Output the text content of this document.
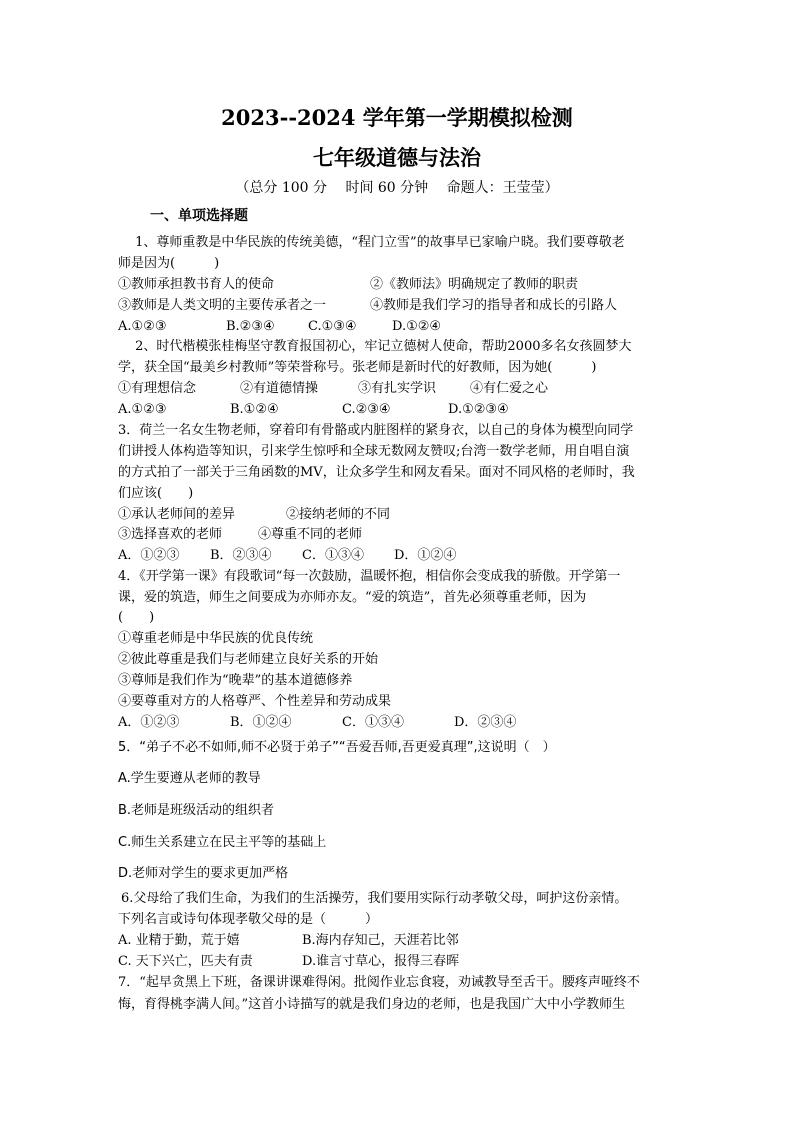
2023--2024 学年第一学期模拟检测
七年级道德与法治
（总分 100 分　 时间 60 分钟　 命题人：王莹莹）
一、单项选择题
　 1、尊师重教是中华民族的传统美德，“程门立雪”的故事早已家喻户晓。我们要尊敬老
师是因为(　　　)
①教师承担教书育人的使命	②《教师法》明确规定了教师的职责
③教师是人类文明的主要传承者之一	④教师是我们学习的指导者和成长的引路人
A.①②③	B.②③④	C.①③④	D.①②④
　 2、时代楷模张桂梅坚守教育报国初心，牢记立德树人使命，帮助2000多名女孩圆梦大
学，获全国“最美乡村教师”等荣誉称号。张老师是新时代的好教师，因为她(　　　)
①有理想信念	②有道德情操	③有扎实学识	④有仁爱之心
A.①②③	B.①②④	C.②③④	D.①②③④
3．荷兰一名女生物老师，穿着印有骨骼或内脏图样的紧身衣，以自己的身体为模型向同学
们讲授人体构造等知识，引来学生惊呼和全球无数网友赞叹;台湾一数学老师，用自唱自演
的方式拍了一部关于三角函数的MV，让众多学生和网友看呆。面对不同风格的老师时，我
们应该(　　)
①承认老师间的差异	②接纳老师的不同
③选择喜欢的老师	④尊重不同的老师
A．①②③ B．②③④ C．①③④ D．①②④
4．《开学第一课》有段歌词“每一次鼓励，温暖怀抱，相信你会变成我的骄傲。开学第一
课，爱的筑造，师生之间要成为亦师亦友。“爱的筑造”，首先必须尊重老师，因为
(　　)
①尊重老师是中华民族的优良传统
②彼此尊重是我们与老师建立良好关系的开始
③尊师是我们作为“晚辈”的基本道德修养
④要尊重对方的人格尊严、个性差异和劳动成果
A．①②③	B．①②④	C．①③④	D．②③④
5．“弟子不必不如师,师不必贤于弟子”“吾爱吾师,吾更爱真理”,这说明（　）
A.学生要遵从老师的教导
B.老师是班级活动的组织者
C.师生关系建立在民主平等的基础上
D.老师对学生的要求更加严格
6.父母给了我们生命，为我们的生活操劳，我们要用实际行动孝敬父母，呵护这份亲情。
下列名言或诗句体现孝敬父母的是（　　　）
A. 业精于勤，荒于嬉	B.海内存知己，天涯若比邻
C. 天下兴亡，匹夫有责	D.谁言寸草心，报得三春晖
7．“起早贪黑上下班，备课讲课难得闲。批阅作业忘食寝，劝诫教导至舌干。腰疼声哑终不
悔，育得桃李满人间。”这首小诗描写的就是我们身边的老师，也是我国广大中小学教师生
